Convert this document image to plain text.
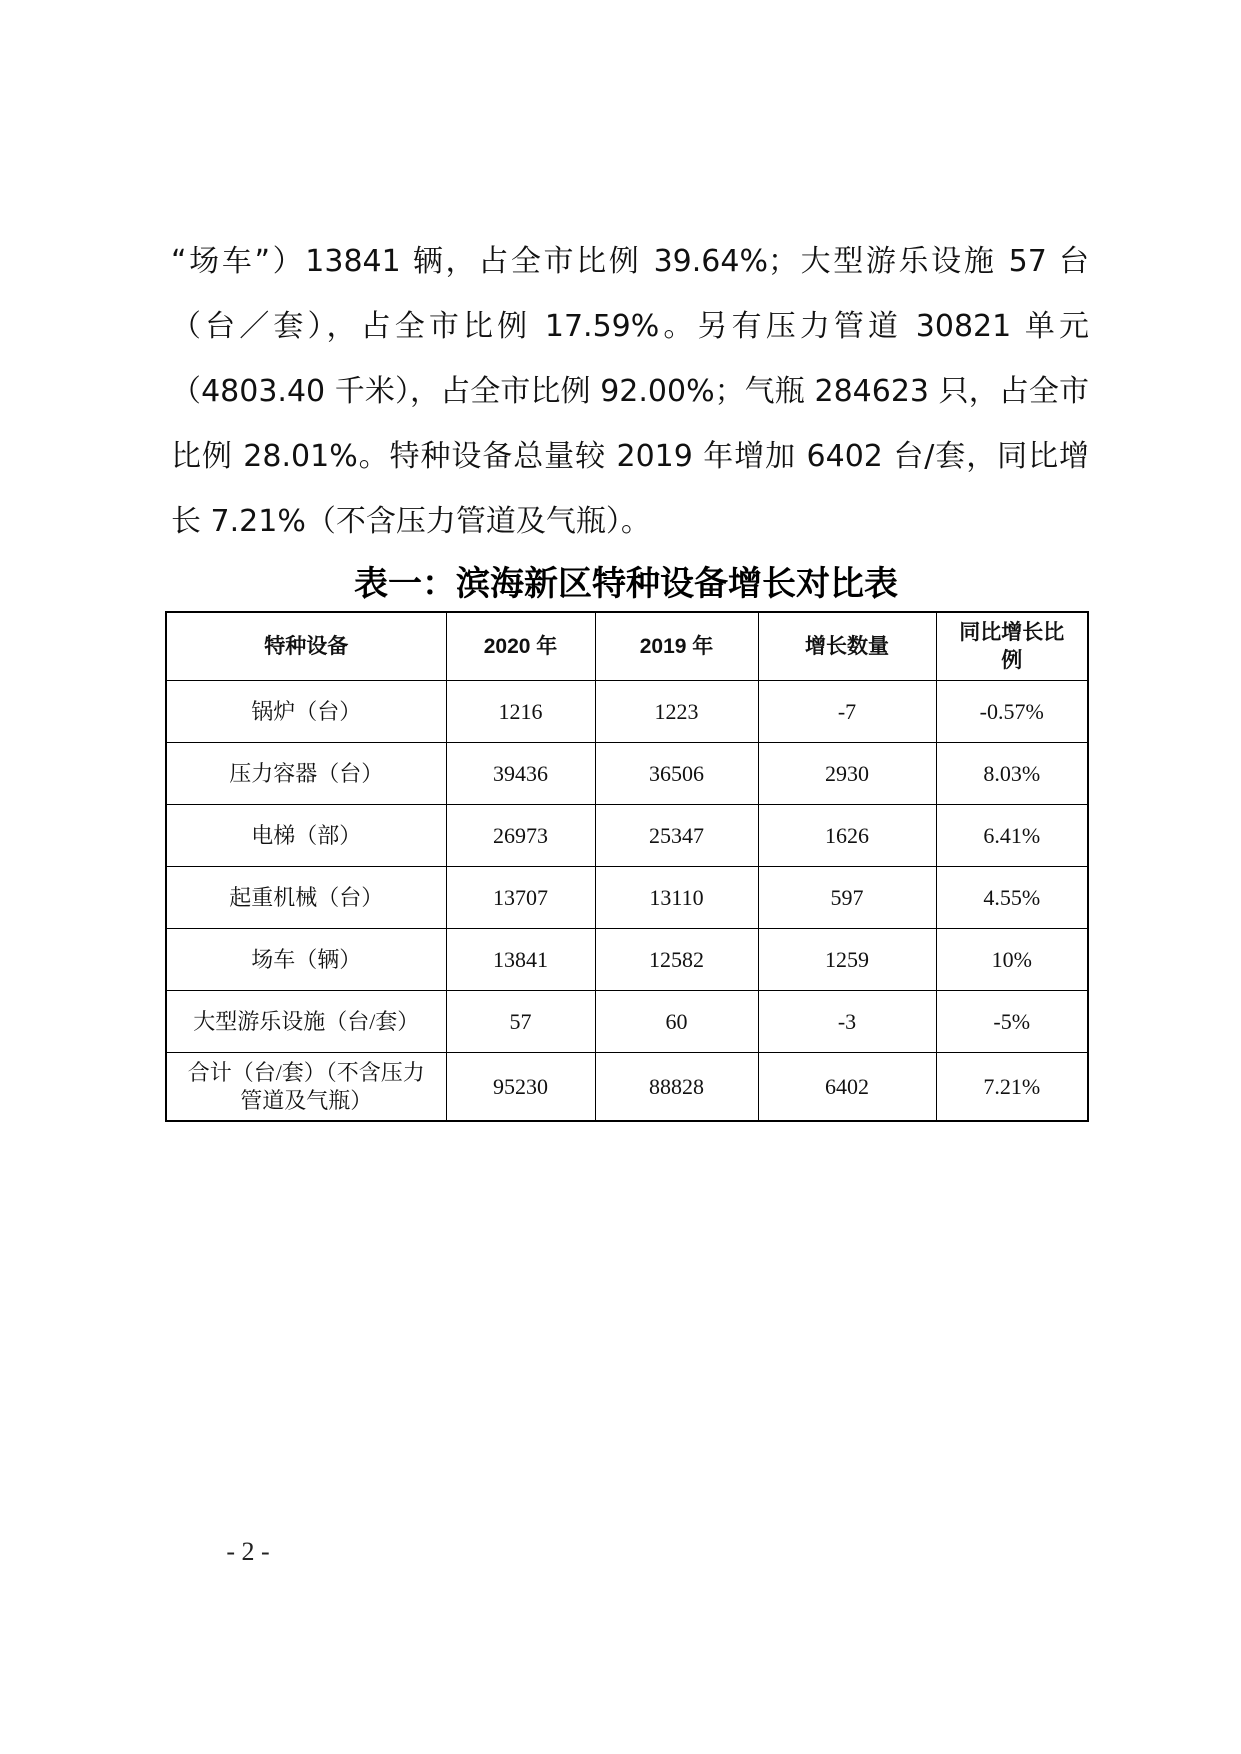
“场车”）13841 辆，占全市比例 39.64%；大型游乐设施 57 台
（台／套），占全市比例 17.59%。另有压力管道 30821 单元
（4803.40 千米），占全市比例 92.00%；气瓶 284623 只，占全市
比例 28.01%。特种设备总量较 2019 年增加 6402 台/套，同比增
长 7.21%（不含压力管道及气瓶）。
表一：滨海新区特种设备增长对比表
特种设备	2020 年	2019 年	增长数量	同比增长比例
锅炉（台）	1216	1223	-7	-0.57%
压力容器（台）	39436	36506	2930	8.03%
电梯（部）	26973	25347	1626	6.41%
起重机械（台）	13707	13110	597	4.55%
场车（辆）	13841	12582	1259	10%
大型游乐设施（台/套）	57	60	-3	-5%
合计（台/套）（不含压力管道及气瓶）	95230	88828	6402	7.21%
- 2 -
